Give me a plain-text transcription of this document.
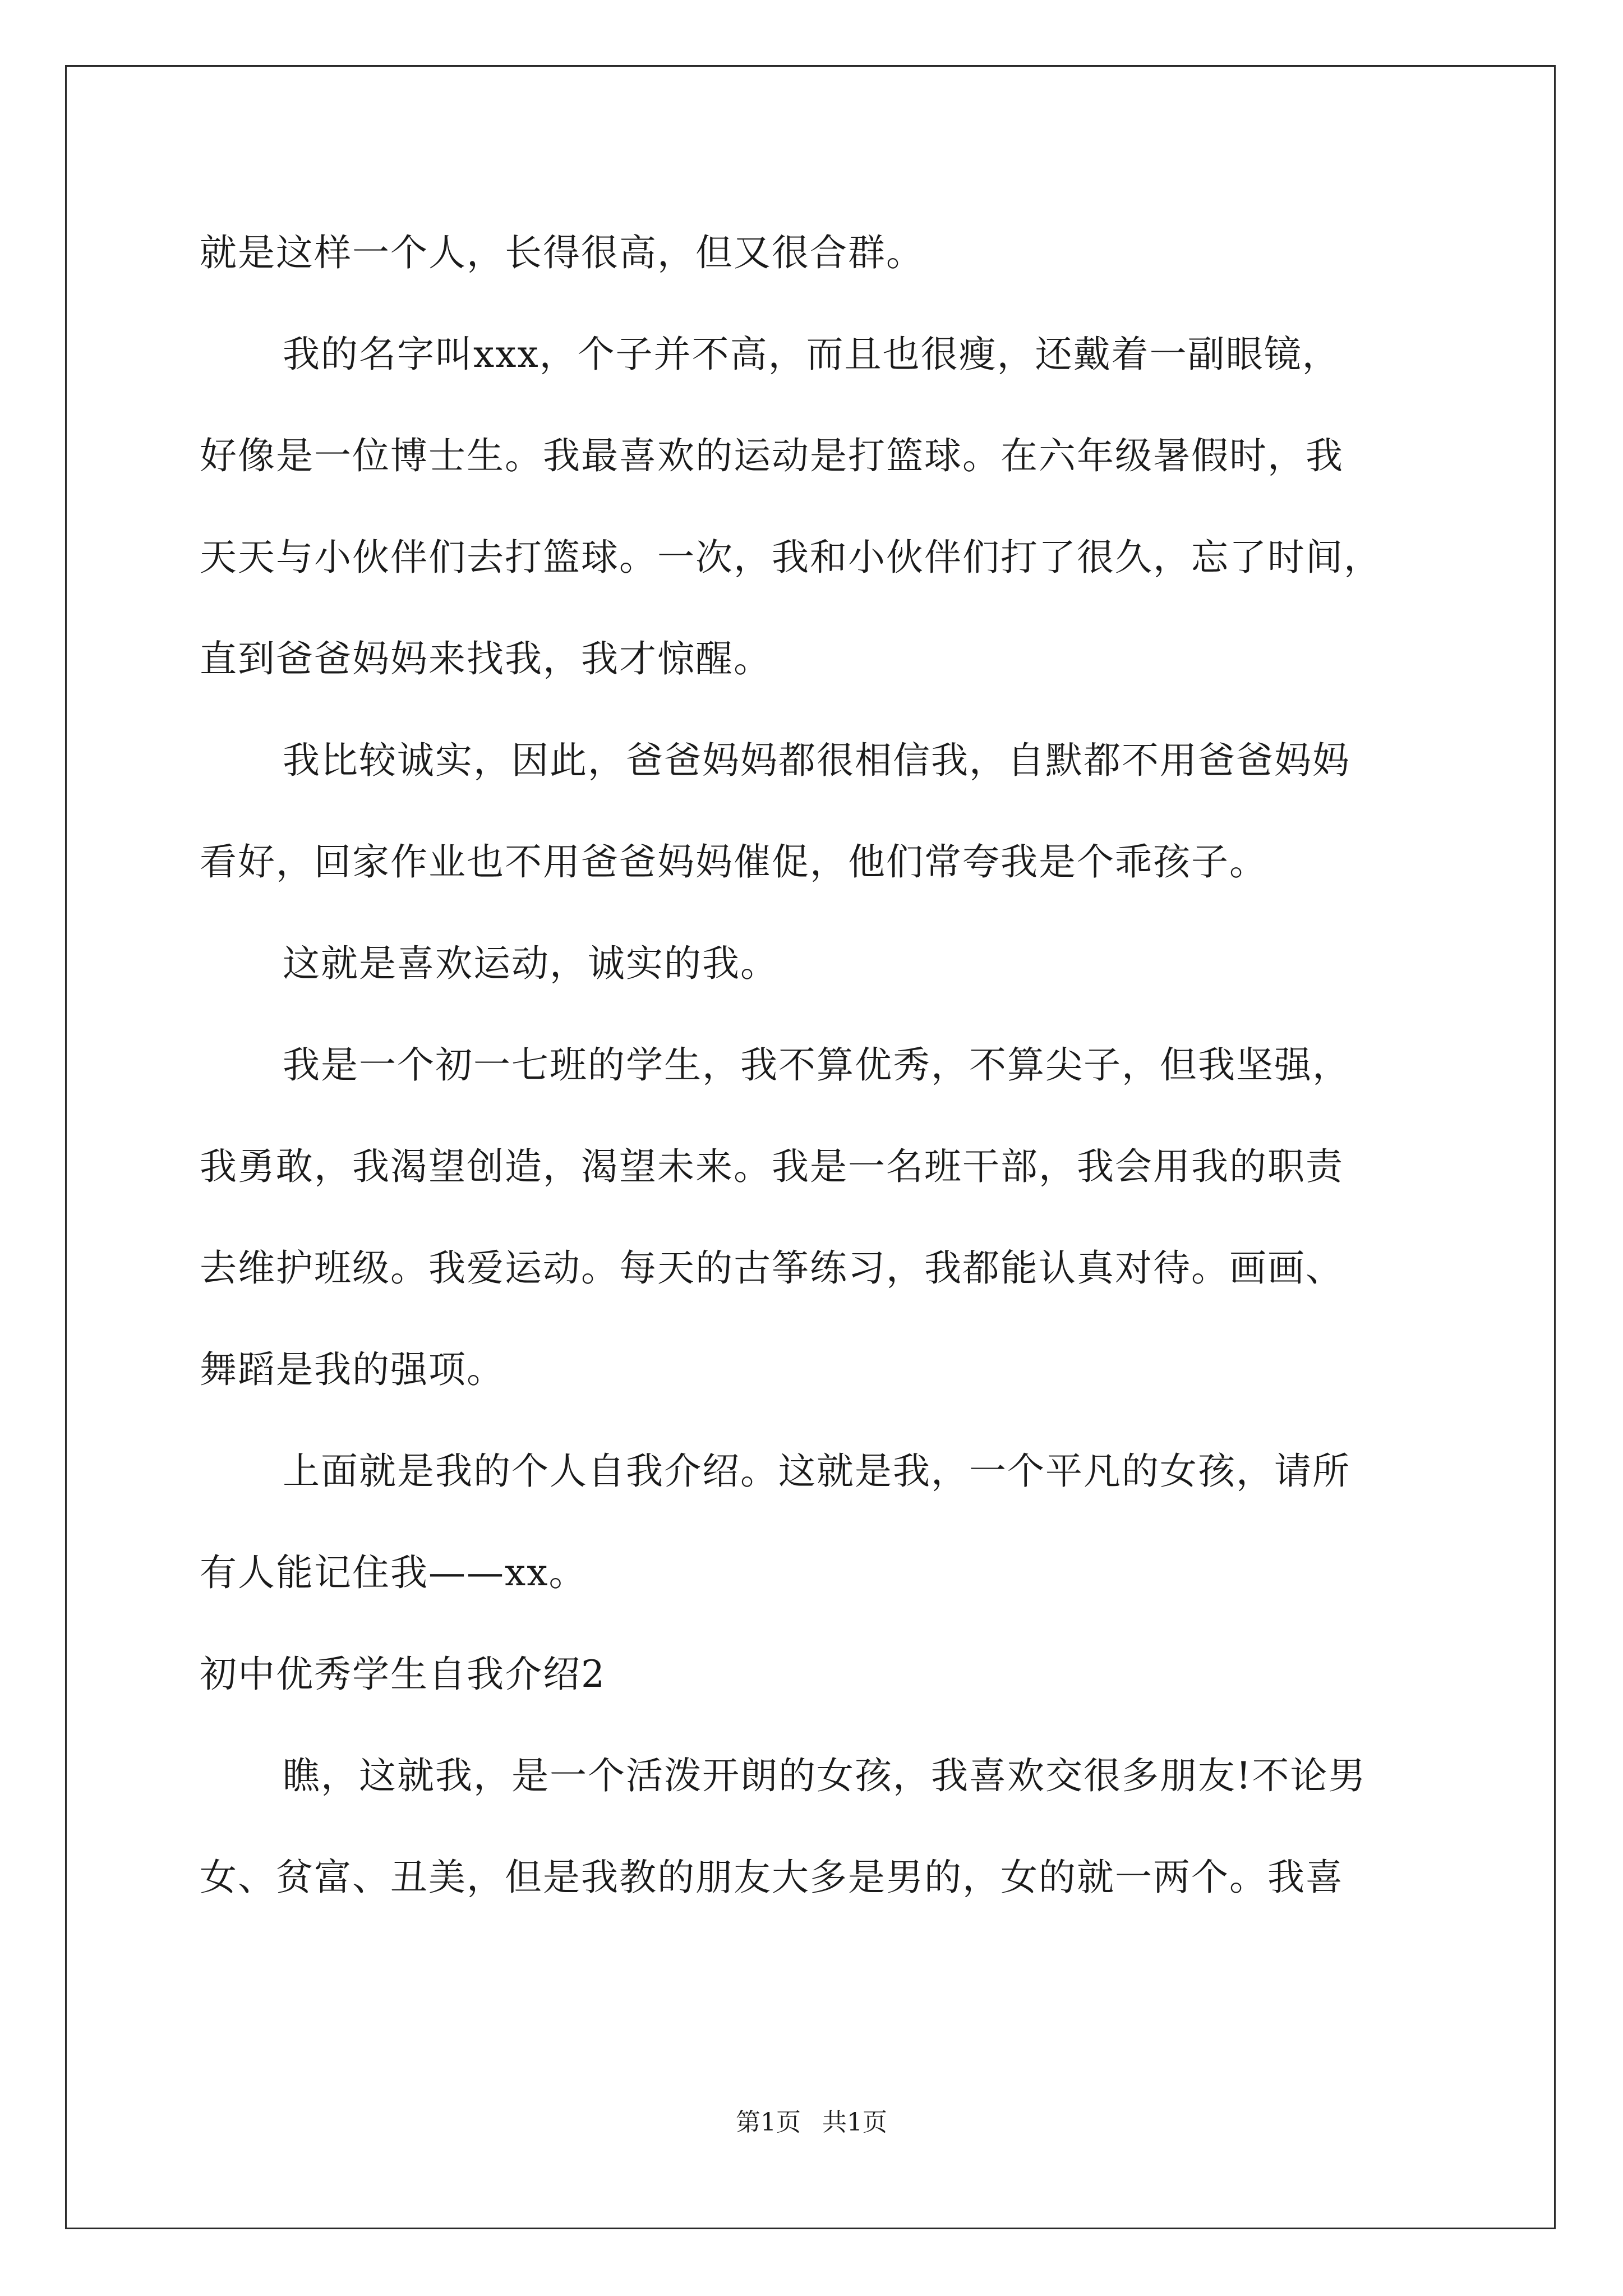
就是这样一个人，长得很高，但又很合群。
我的名字叫xxx，个子并不高，而且也很瘦，还戴着一副眼镜，
好像是一位博士生。我最喜欢的运动是打篮球。在六年级暑假时，我
天天与小伙伴们去打篮球。一次，我和小伙伴们打了很久，忘了时间，
直到爸爸妈妈来找我，我才惊醒。
我比较诚实，因此，爸爸妈妈都很相信我，自默都不用爸爸妈妈
看好，回家作业也不用爸爸妈妈催促，他们常夸我是个乖孩子。
这就是喜欢运动，诚实的我。
我是一个初一七班的学生，我不算优秀，不算尖子，但我坚强，
我勇敢，我渴望创造，渴望未来。我是一名班干部，我会用我的职责
去维护班级。我爱运动。每天的古筝练习，我都能认真对待。画画、
舞蹈是我的强项。
上面就是我的个人自我介绍。这就是我，一个平凡的女孩，请所
有人能记住我——xx。
初中优秀学生自我介绍2
瞧，这就我，是一个活泼开朗的女孩，我喜欢交很多朋友!不论男
女、贫富、丑美，但是我教的朋友大多是男的，女的就一两个。我喜
第1页 共1页
